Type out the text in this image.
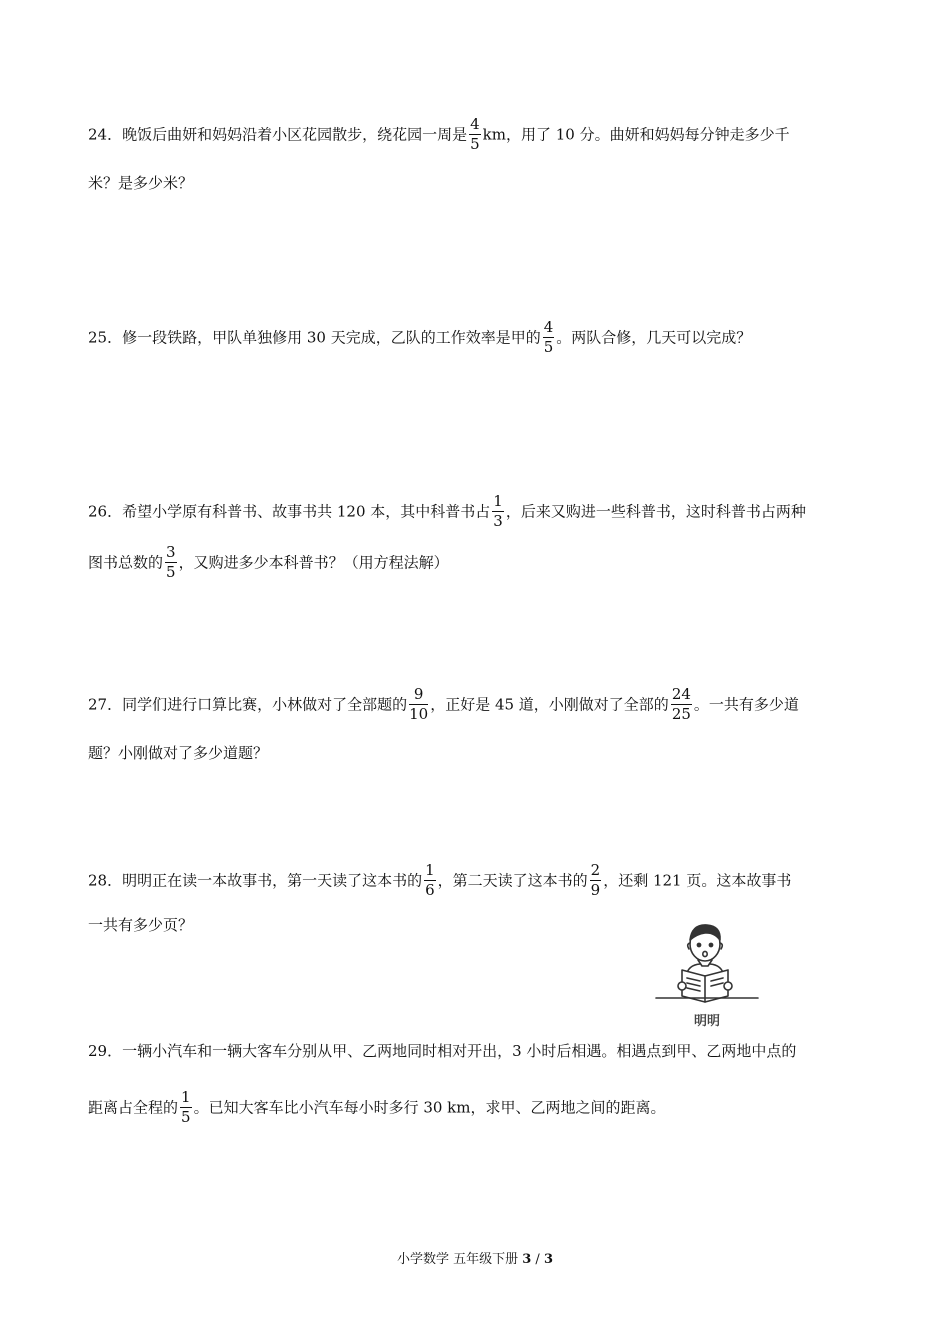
24．晚饭后曲妍和妈妈沿着小区花园散步，绕花园一周是 $\frac{4}{5}$ km，用了 10 分。曲妍和妈妈每分钟走多少千
米？是多少米？
25．修一段铁路，甲队单独修用 30 天完成，乙队的工作效率是甲的 $\frac{4}{5}$ 。两队合修，几天可以完成？
26．希望小学原有科普书、故事书共 120 本，其中科普书占 $\frac{1}{3}$ ，后来又购进一些科普书，这时科普书占两种
图书总数的 $\frac{3}{5}$ ，又购进多少本科普书？（用方程法解）
27．同学们进行口算比赛，小林做对了全部题的 $\frac{9}{10}$ ，正好是 45 道，小刚做对了全部的 $\frac{24}{25}$ 。一共有多少道
题？小刚做对了多少道题？
28．明明正在读一本故事书，第一天读了这本书的 $\frac{1}{6}$ ，第二天读了这本书的 $\frac{2}{9}$ ，还剩 121 页。这本故事书
一共有多少页？
明明
29．一辆小汽车和一辆大客车分别从甲、乙两地同时相对开出，3 小时后相遇。相遇点到甲、乙两地中点的
距离占全程的 $\frac{1}{5}$ 。已知大客车比小汽车每小时多行 30 km，求甲、乙两地之间的距离。
小学数学 五年级下册 3 / 3
